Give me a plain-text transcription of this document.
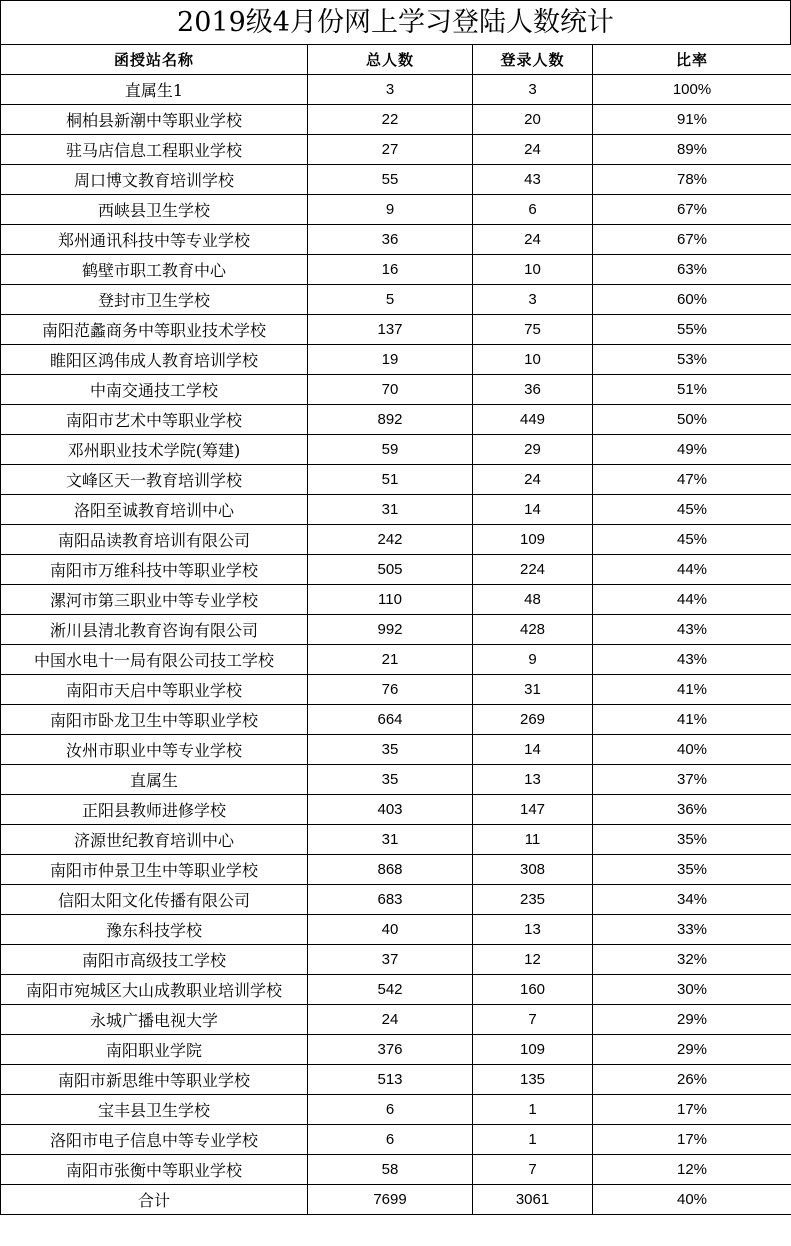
2019级4月份网上学习登陆人数统计
函授站名称	总人数	登录人数	比率
直属生1	3	3	100%
桐柏县新潮中等职业学校	22	20	91%
驻马店信息工程职业学校	27	24	89%
周口博文教育培训学校	55	43	78%
西峡县卫生学校	9	6	67%
郑州通讯科技中等专业学校	36	24	67%
鹤壁市职工教育中心	16	10	63%
登封市卫生学校	5	3	60%
南阳范蠡商务中等职业技术学校	137	75	55%
睢阳区鸿伟成人教育培训学校	19	10	53%
中南交通技工学校	70	36	51%
南阳市艺术中等职业学校	892	449	50%
邓州职业技术学院(筹建)	59	29	49%
文峰区天一教育培训学校	51	24	47%
洛阳至诚教育培训中心	31	14	45%
南阳品读教育培训有限公司	242	109	45%
南阳市万维科技中等职业学校	505	224	44%
漯河市第三职业中等专业学校	110	48	44%
淅川县清北教育咨询有限公司	992	428	43%
中国水电十一局有限公司技工学校	21	9	43%
南阳市天启中等职业学校	76	31	41%
南阳市卧龙卫生中等职业学校	664	269	41%
汝州市职业中等专业学校	35	14	40%
直属生	35	13	37%
正阳县教师进修学校	403	147	36%
济源世纪教育培训中心	31	11	35%
南阳市仲景卫生中等职业学校	868	308	35%
信阳太阳文化传播有限公司	683	235	34%
豫东科技学校	40	13	33%
南阳市高级技工学校	37	12	32%
南阳市宛城区大山成教职业培训学校	542	160	30%
永城广播电视大学	24	7	29%
南阳职业学院	376	109	29%
南阳市新思维中等职业学校	513	135	26%
宝丰县卫生学校	6	1	17%
洛阳市电子信息中等专业学校	6	1	17%
南阳市张衡中等职业学校	58	7	12%
合计	7699	3061	40%
